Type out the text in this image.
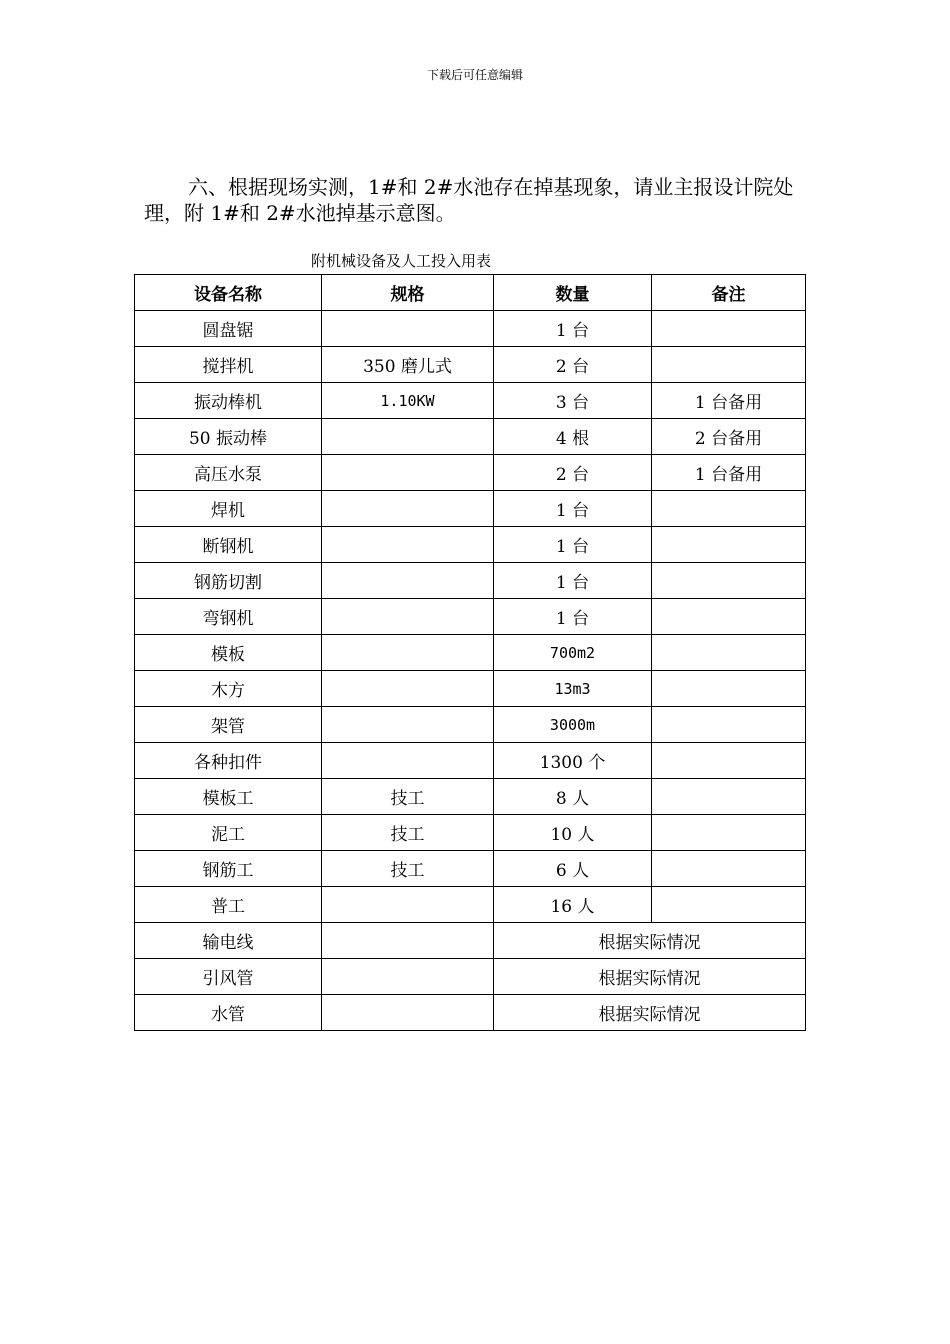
下载后可任意编辑
六、根据现场实测，1#和 2#水池存在掉基现象，请业主报设计院处理，附 1#和 2#水池掉基示意图。
附机械设备及人工投入用表
设备名称	规格	数量	备注
圆盘锯		1 台	
搅拌机	350 磨儿式	2 台	
振动棒机	1.10KW	3 台	1 台备用
50 振动棒		4 根	2 台备用
高压水泵		2 台	1 台备用
焊机		1 台	
断钢机		1 台	
钢筋切割		1 台	
弯钢机		1 台	
模板		700m2	
木方		13m3	
架管		3000m	
各种扣件		1300 个	
模板工	技工	8 人	
泥工	技工	10 人	
钢筋工	技工	6 人	
普工		16 人	
输电线		根据实际情况	
引风管		根据实际情况	
水管		根据实际情况	
